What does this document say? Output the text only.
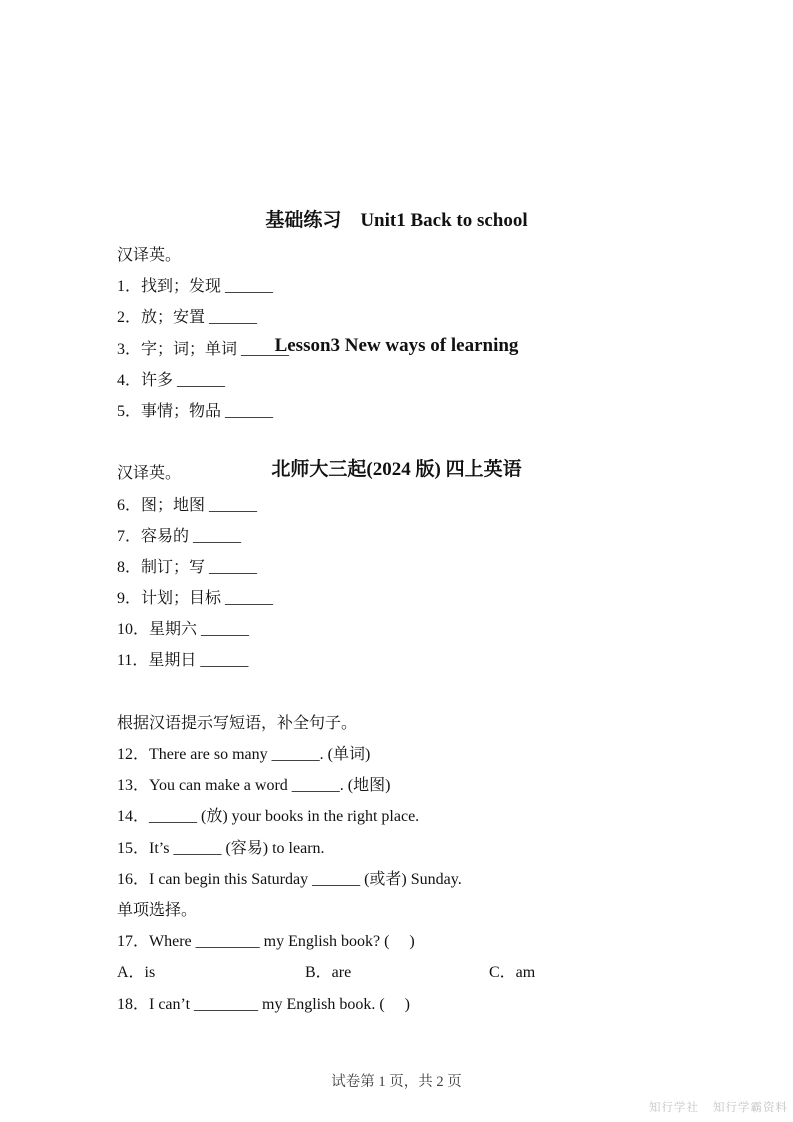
基础练习　Unit1 Back to school

Lesson3 New ways of learning

北师大三起(2024 版) 四上英语

汉译英。
1．找到；发现 ______
2．放；安置 ______
3．字；词；单词 ______
4．许多 ______
5．事情；物品 ______
汉译英。
6．图；地图 ______
7．容易的 ______
8．制订；写 ______
9．计划；目标 ______
10．星期六 ______
11．星期日 ______
根据汉语提示写短语，补全句子。
12．There are so many ______. (单词)
13．You can make a word ______. (地图)
14．______ (放) your books in the right place.
15．It’s ______ (容易) to learn.
16．I can begin this Saturday ______ (或者) Sunday.
单项选择。
17．Where ________ my English book? (　 )
A．is	B．are	C．am
18．I can’t ________ my English book. (　 )
试卷第 1 页，共 2 页
知行学社 知行学霸资料
